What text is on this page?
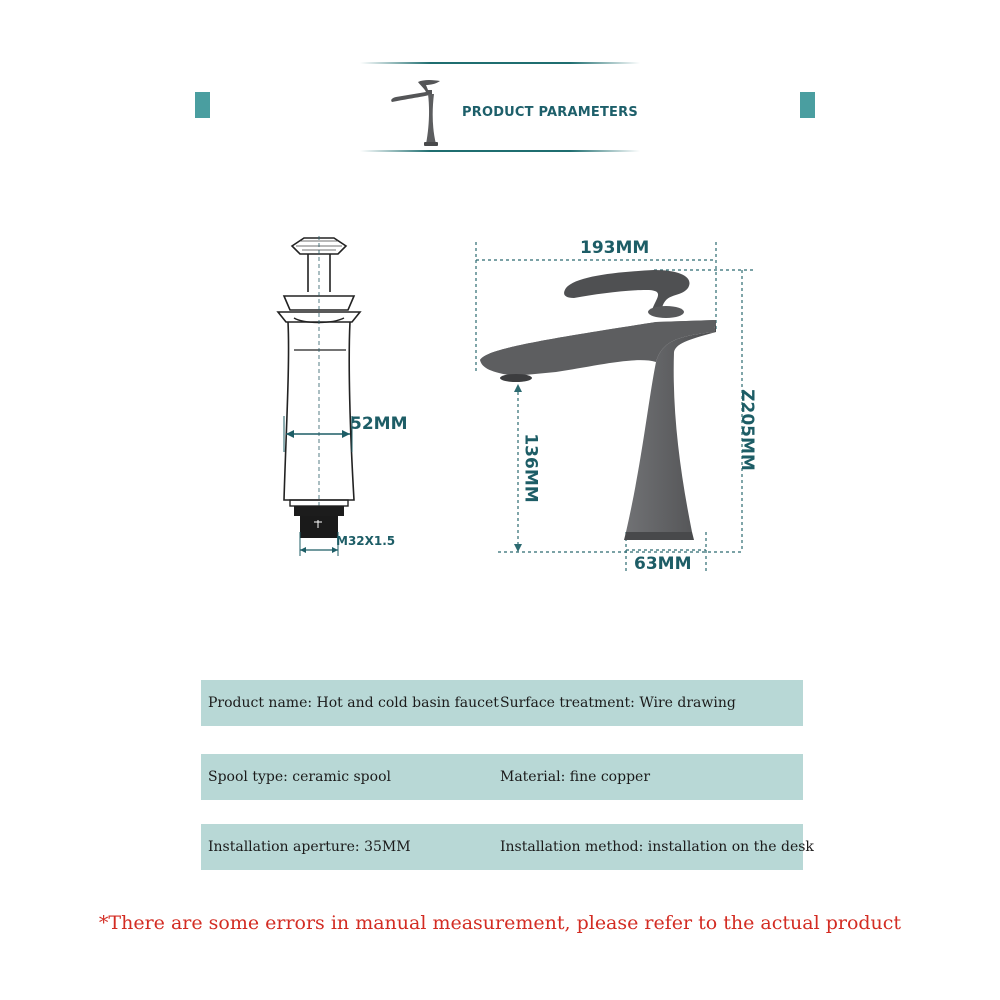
PRODUCT PARAMETERS
52MM
M32X1.5
193MM
Z205MM
136MM
63MM
Product name: Hot and cold basin faucet Surface treatment: Wire drawing
Spool type: ceramic spool	Material: fine copper
Installation aperture: 35MM	Installation method: installation on the desk
*There are some errors in manual measurement, please refer to the actual product
